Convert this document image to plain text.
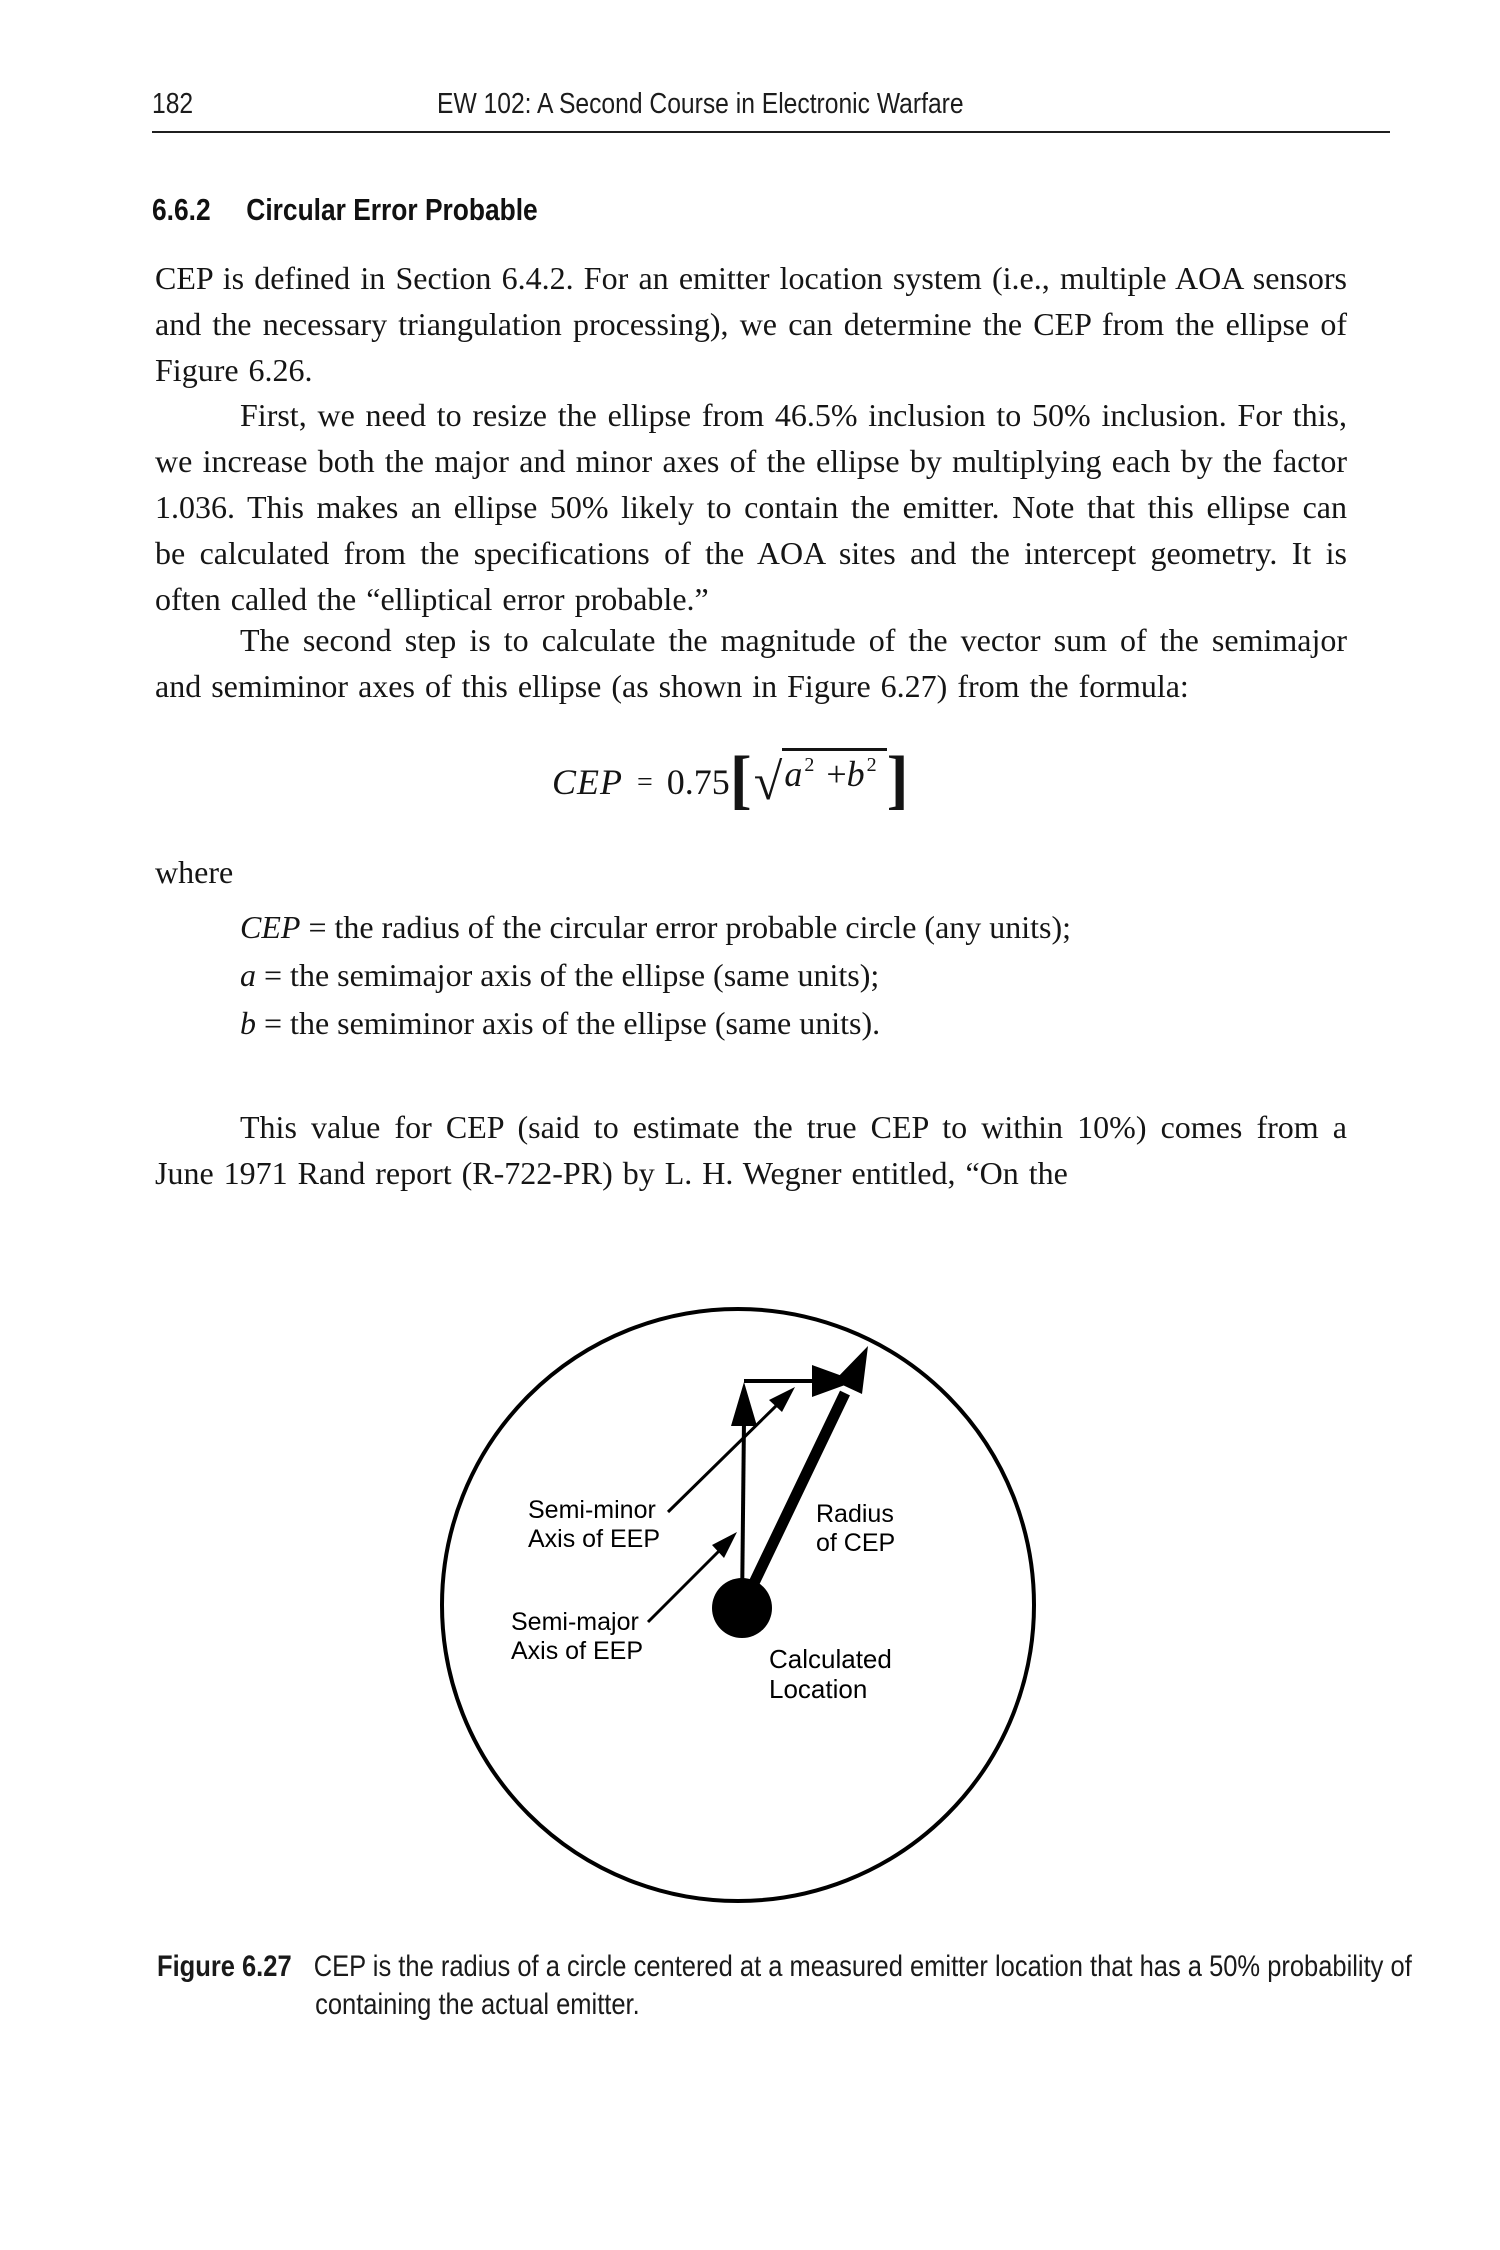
182	EW 102: A Second Course in Electronic Warfare
6.6.2 Circular Error Probable
CEP is defined in Section 6.4.2. For an emitter location system (i.e., multiple AOA sensors and the necessary triangulation processing), we can determine the CEP from the ellipse of Figure 6.26.
First, we need to resize the ellipse from 46.5% inclusion to 50% inclusion. For this, we increase both the major and minor axes of the ellipse by multiplying each by the factor 1.036. This makes an ellipse 50% likely to contain the emitter. Note that this ellipse can be calculated from the specifications of the AOA sites and the intercept geometry. It is often called the “elliptical error probable.”
The second step is to calculate the magnitude of the vector sum of the semimajor and semiminor axes of this ellipse (as shown in Figure 6.27) from the formula:
CEP = 0.75[√a $^2$ +b $^2$ ]
where
CEP = the radius of the circular error probable circle (any units);
a = the semimajor axis of the ellipse (same units);
b = the semiminor axis of the ellipse (same units).
This value for CEP (said to estimate the true CEP to within 10%) comes from a June 1971 Rand report (R-722-PR) by L. H. Wegner entitled, “On the
Semi-minor
Axis of EEP
Semi-major
Axis of EEP
Radius
of CEP
Calculated
Location
Figure 6.27 CEP is the radius of a circle centered at a measured emitter location that has a 50% probability of containing the actual emitter.
